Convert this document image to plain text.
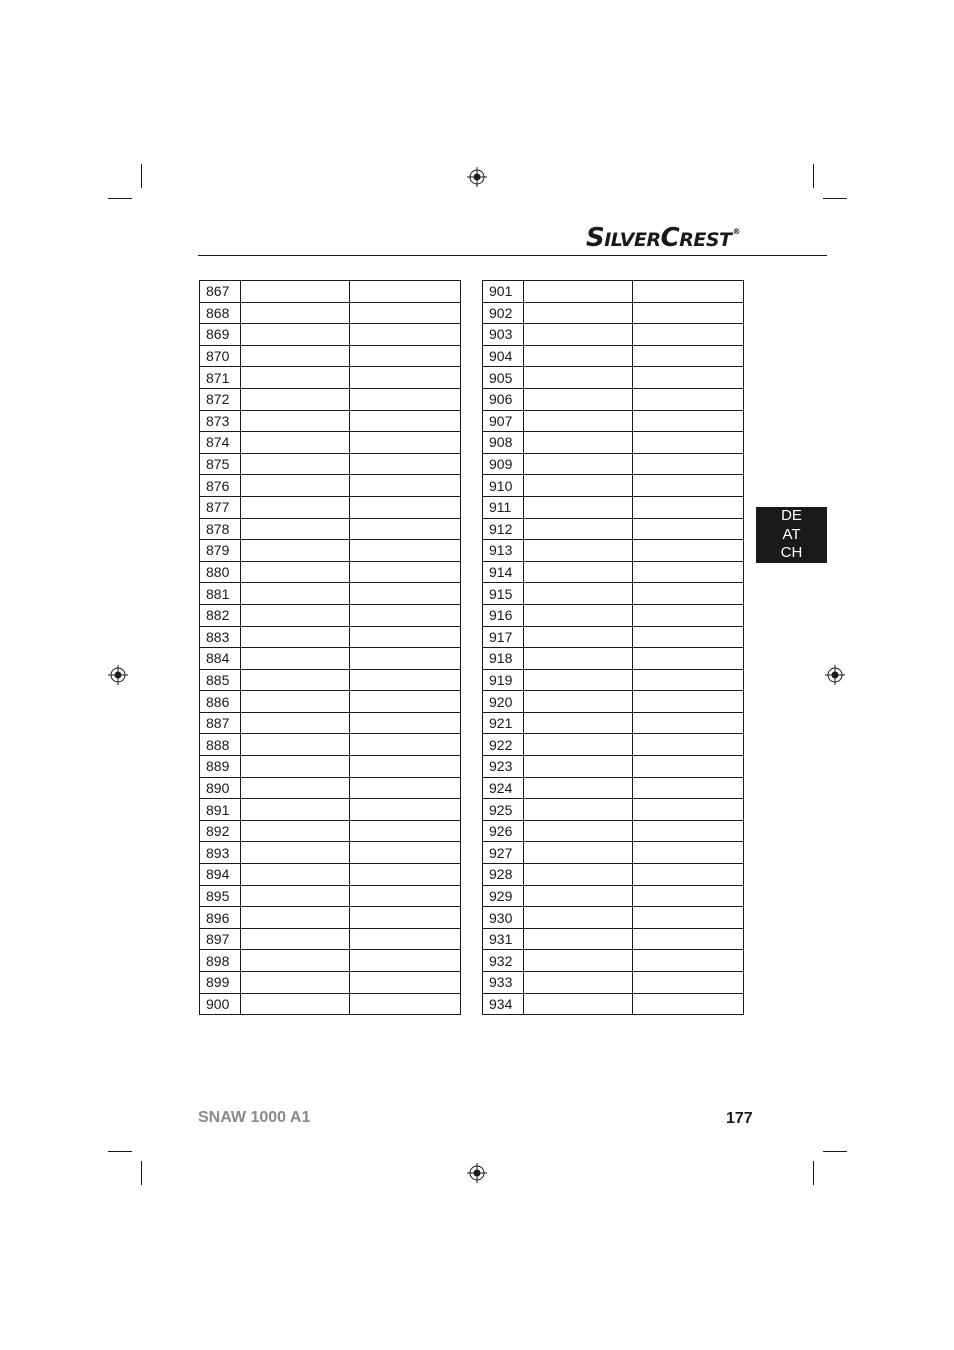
SILVERCREST®
DE
AT
CH
867		
868		
869		
870		
871		
872		
873		
874		
875		
876		
877		
878		
879		
880		
881		
882		
883		
884		
885		
886		
887		
888		
889		
890		
891		
892		
893		
894		
895		
896		
897		
898		
899		
900		
901		
902		
903		
904		
905		
906		
907		
908		
909		
910		
911		
912		
913		
914		
915		
916		
917		
918		
919		
920		
921		
922		
923		
924		
925		
926		
927		
928		
929		
930		
931		
932		
933		
934		
SNAW 1000 A1	177
